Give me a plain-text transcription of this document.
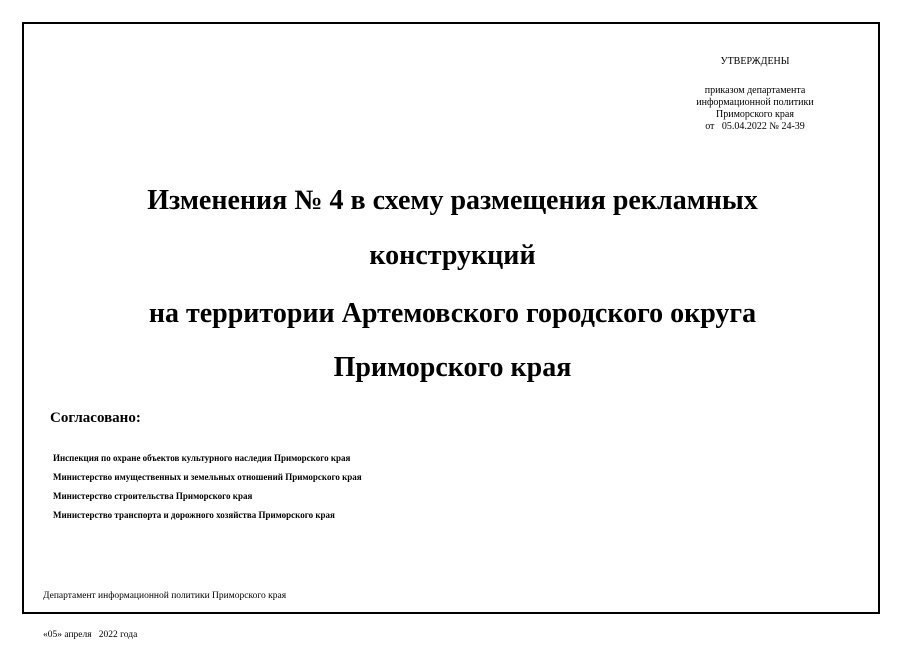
УТВЕРЖДЕНЫ
приказом департамента
информационной политики
Приморского края
от   05.04.2022 № 24-39
Изменения № 4 в схему размещения рекламных
конструкций
на территории Артемовского городского округа
Приморского края
Согласовано:
Инспекция по охране объектов культурного наследия Приморского края
Министерство имущественных и земельных отношений Приморского края
Министерство строительства Приморского края
Министерство транспорта и дорожного хозяйства Приморского края

Департамент информационной политики Приморского края

«05» апреля   2022 года
